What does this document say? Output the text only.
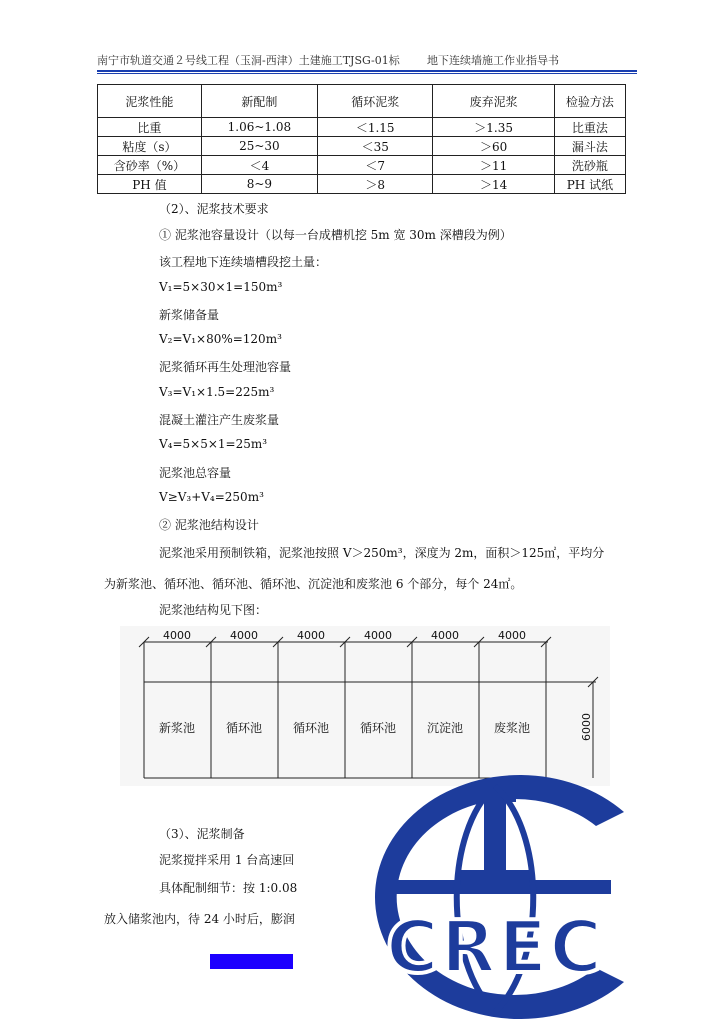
南宁市轨道交通２号线工程（玉洞-西津）土建施工TJSG-01标 地下连续墙施工作业指导书
泥浆性能	新配制	循环泥浆	废弃泥浆	检验方法
比重	1.06~1.08	＜1.15	＞1.35	比重法
粘度（s）	25~30	＜35	＞60	漏斗法
含砂率（%）	＜4	＜7	＞11	洗砂瓶
PH 值	8~9	＞8	＞14	PH 试纸
（2）、泥浆技术要求
① 泥浆池容量设计（以每一台成槽机挖 5m 宽 30m 深槽段为例）
该工程地下连续墙槽段挖土量：
V₁=5×30×1=150m³
新浆储备量
V₂=V₁×80%=120m³
泥浆循环再生处理池容量
V₃=V₁×1.5=225m³
混凝土灌注产生废浆量
V₄=5×5×1=25m³
泥浆池总容量
V≥V₃+V₄=250m³
② 泥浆池结构设计
泥浆池采用预制铁箱，泥浆池按照 V＞250m³，深度为 2m，面积＞125㎡，平均分
为新浆池、循环池、循环池、循环池、沉淀池和废浆池 6 个部分，每个 24㎡。
泥浆池结构见下图：
4000	4000	4000	4000	4000	4000
新浆池	循环池	循环池	循环池	沉淀池	废浆池	6000
（3）、泥浆制备
泥浆搅拌采用 1 台高速回
具体配制细节：按 1:0.08
放入储浆池内，待 24 小时后，膨润 CREC
